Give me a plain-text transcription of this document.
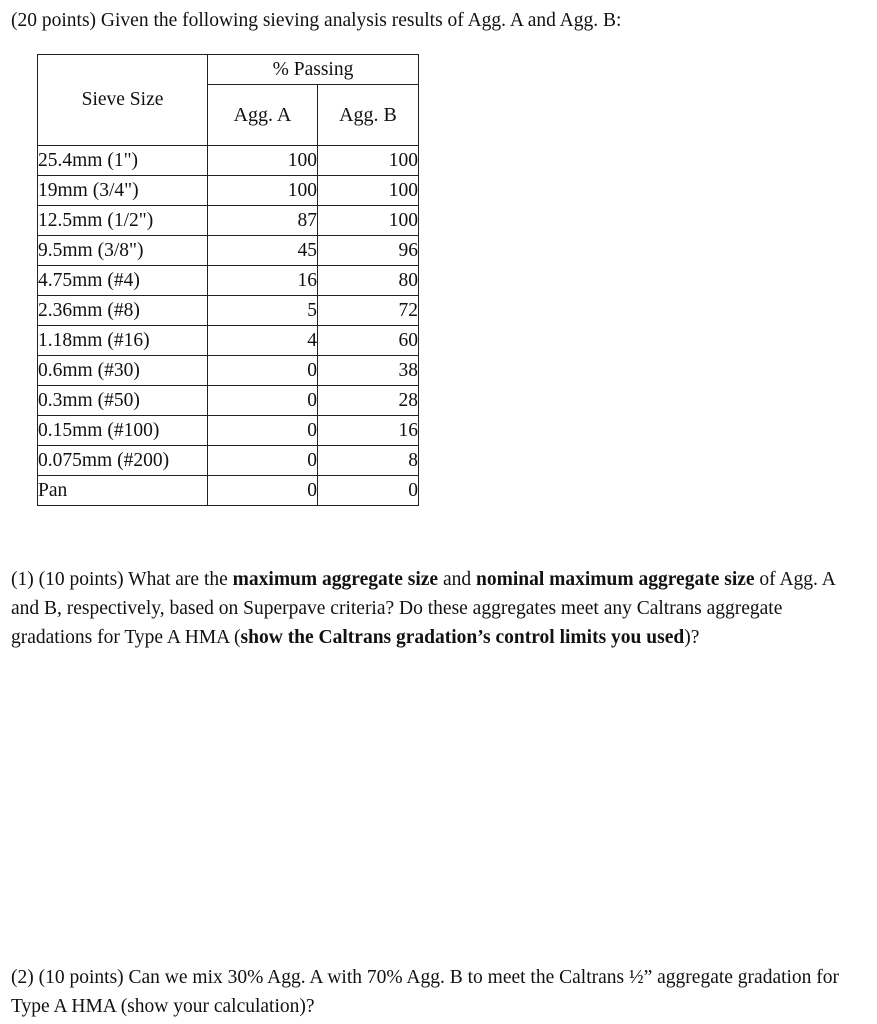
(20 points) Given the following sieving analysis results of Agg. A and Agg. B:
Sieve Size	% Passing	
	Agg. A	Agg. B
25.4mm (1")	100	100
19mm (3/4")	100	100
12.5mm (1/2")	87	100
9.5mm (3/8")	45	96
4.75mm (#4)	16	80
2.36mm (#8)	5	72
1.18mm (#16)	4	60
0.6mm (#30)	0	38
0.3mm (#50)	0	28
0.15mm (#100)	0	16
0.075mm (#200)	0	8
Pan	0	0
(1) (10 points) What are the maximum aggregate size and nominal maximum aggregate size of Agg. A and B, respectively, based on Superpave criteria? Do these aggregates meet any Caltrans aggregate gradations for Type A HMA (show the Caltrans gradation’s control limits you used)?
(2) (10 points) Can we mix 30% Agg. A with 70% Agg. B to meet the Caltrans ½” aggregate gradation for Type A HMA (show your calculation)?
